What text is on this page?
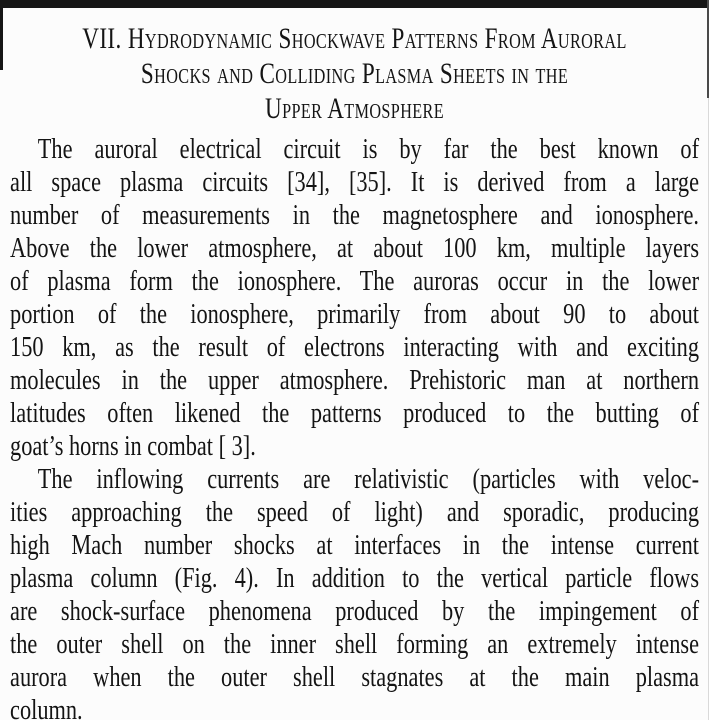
VII. Hydrodynamic Shockwave Patterns From Auroral
Shocks and Colliding Plasma Sheets in the
Upper Atmosphere
The auroral electrical circuit is by far the best known of
all space plasma circuits [34], [35]. It is derived from a large
number of measurements in the magnetosphere and ionosphere.
Above the lower atmosphere, at about 100 km, multiple layers
of plasma form the ionosphere. The auroras occur in the lower
portion of the ionosphere, primarily from about 90 to about
150 km, as the result of electrons interacting with and exciting
molecules in the upper atmosphere. Prehistoric man at northern
latitudes often likened the patterns produced to the butting of
goat’s horns in combat [ 3].
The inflowing currents are relativistic (particles with veloc-
ities approaching the speed of light) and sporadic, producing
high Mach number shocks at interfaces in the intense current
plasma column (Fig. 4). In addition to the vertical particle flows
are shock-surface phenomena produced by the impingement of
the outer shell on the inner shell forming an extremely intense
aurora when the outer shell stagnates at the main plasma
column.
